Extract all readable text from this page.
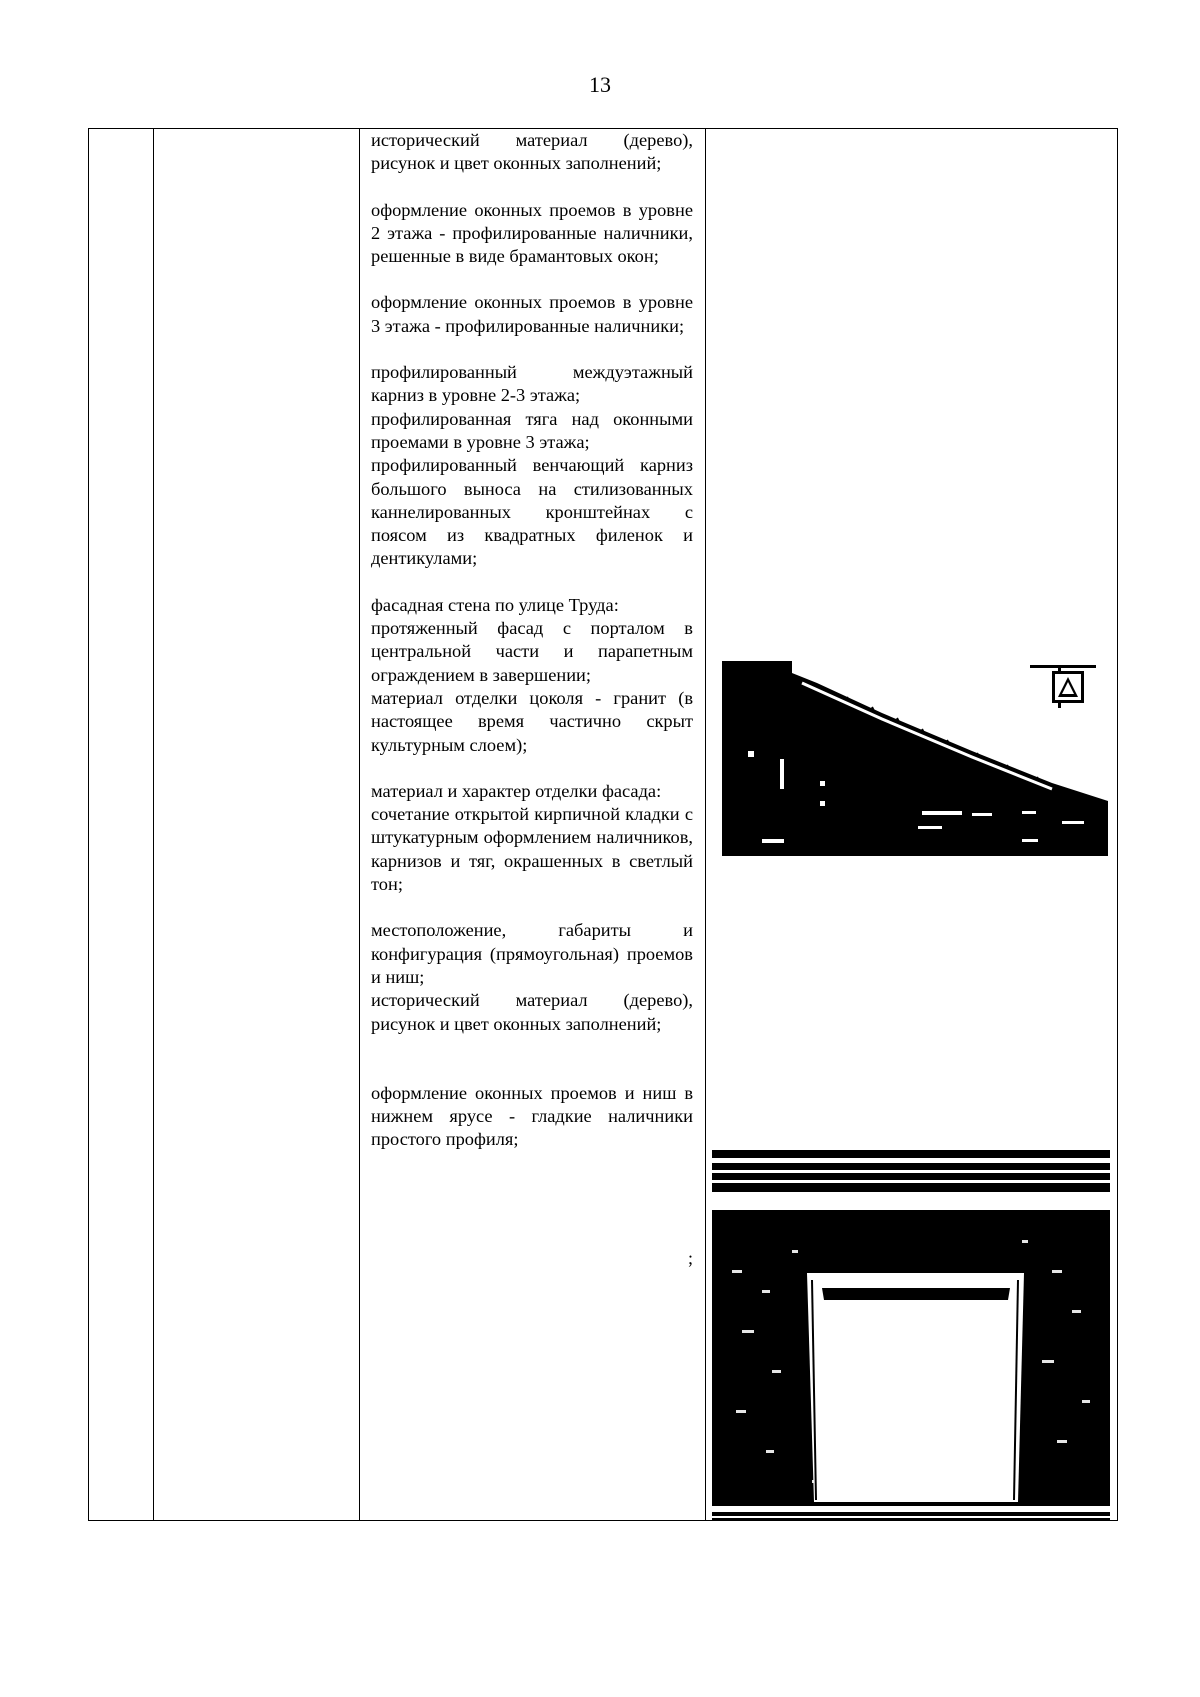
13

исторический материал (дерево), рисунок и цвет оконных заполнений;

оформление оконных проемов в уровне 2 этажа - профилированные наличники, решенные в виде брамантовых окон;

оформление оконных проемов в уровне 3 этажа - профилированные наличники;

профилированный междуэтажный карниз в уровне 2-3 этажа;

профилированная тяга над оконными проемами в уровне 3 этажа;

профилированный венчающий карниз большого выноса на стилизованных каннелированных кронштейнах с поясом из квадратных филенок и дентикулами;

фасадная стена по улице Труда:

протяженный фасад с порталом в центральной части и парапетным ограждением в завершении;

материал отделки цоколя - гранит (в настоящее время частично скрыт культурным слоем);

материал и характер отделки фасада:

сочетание открытой кирпичной кладки с штукатурным оформлением наличников, карнизов и тяг, окрашенных в светлый тон;

местоположение, габариты и конфигурация (прямоугольная) проемов и ниш;

исторический материал (дерево), рисунок и цвет оконных заполнений;

оформление оконных проемов и ниш в нижнем ярусе - гладкие наличники простого профиля;

;
